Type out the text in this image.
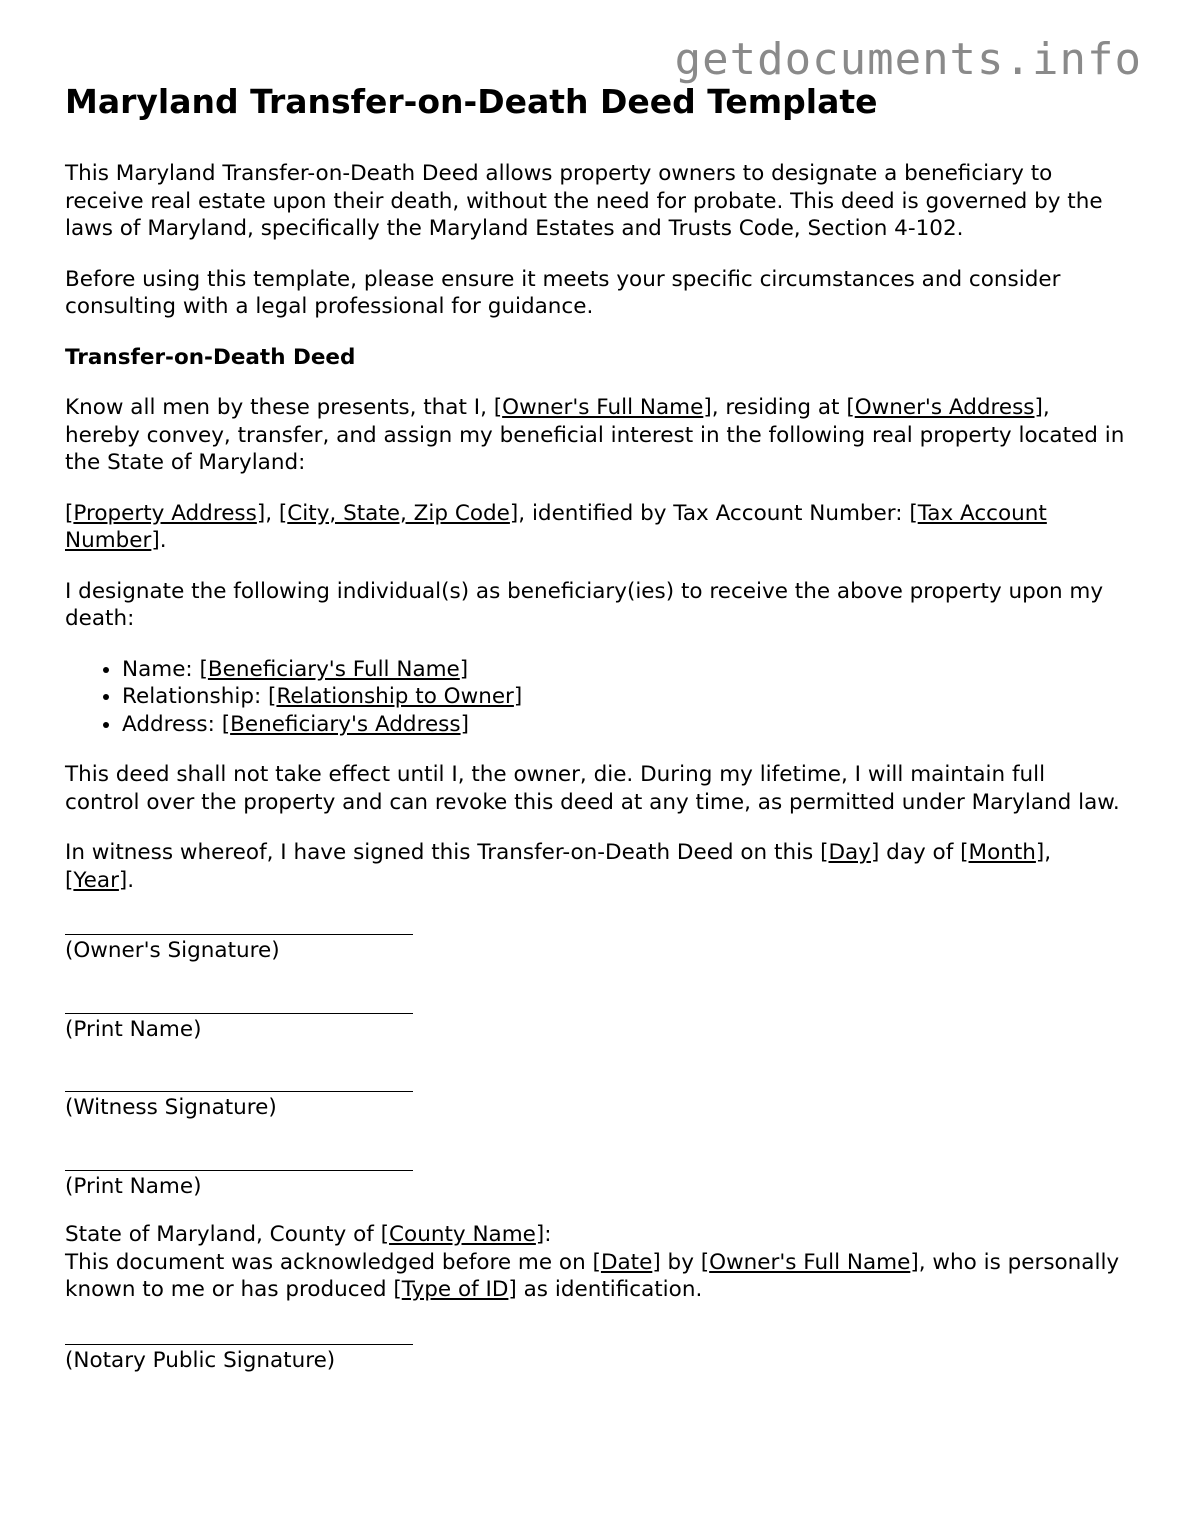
getdocuments.info
Maryland Transfer-on-Death Deed Template

This Maryland Transfer-on-Death Deed allows property owners to designate a beneficiary to receive real estate upon their death, without the need for probate. This deed is governed by the laws of Maryland, specifically the Maryland Estates and Trusts Code, Section 4-102.

Before using this template, please ensure it meets your specific circumstances and consider consulting with a legal professional for guidance.

Transfer-on-Death Deed

Know all men by these presents, that I, [Owner's Full Name], residing at [Owner's Address], hereby convey, transfer, and assign my beneficial interest in the following real property located in the State of Maryland:

[Property Address], [City, State, Zip Code], identified by Tax Account Number: [Tax Account Number].

I designate the following individual(s) as beneficiary(ies) to receive the above property upon my death:

• Name: [Beneficiary's Full Name]
• Relationship: [Relationship to Owner]
• Address: [Beneficiary's Address]

This deed shall not take effect until I, the owner, die. During my lifetime, I will maintain full control over the property and can revoke this deed at any time, as permitted under Maryland law.

In witness whereof, I have signed this Transfer-on-Death Deed on this [Day] day of [Month], [Year].

(Owner's Signature)
(Print Name)
(Witness Signature)
(Print Name)

State of Maryland, County of [County Name]:
This document was acknowledged before me on [Date] by [Owner's Full Name], who is personally known to me or has produced [Type of ID] as identification.

(Notary Public Signature)
